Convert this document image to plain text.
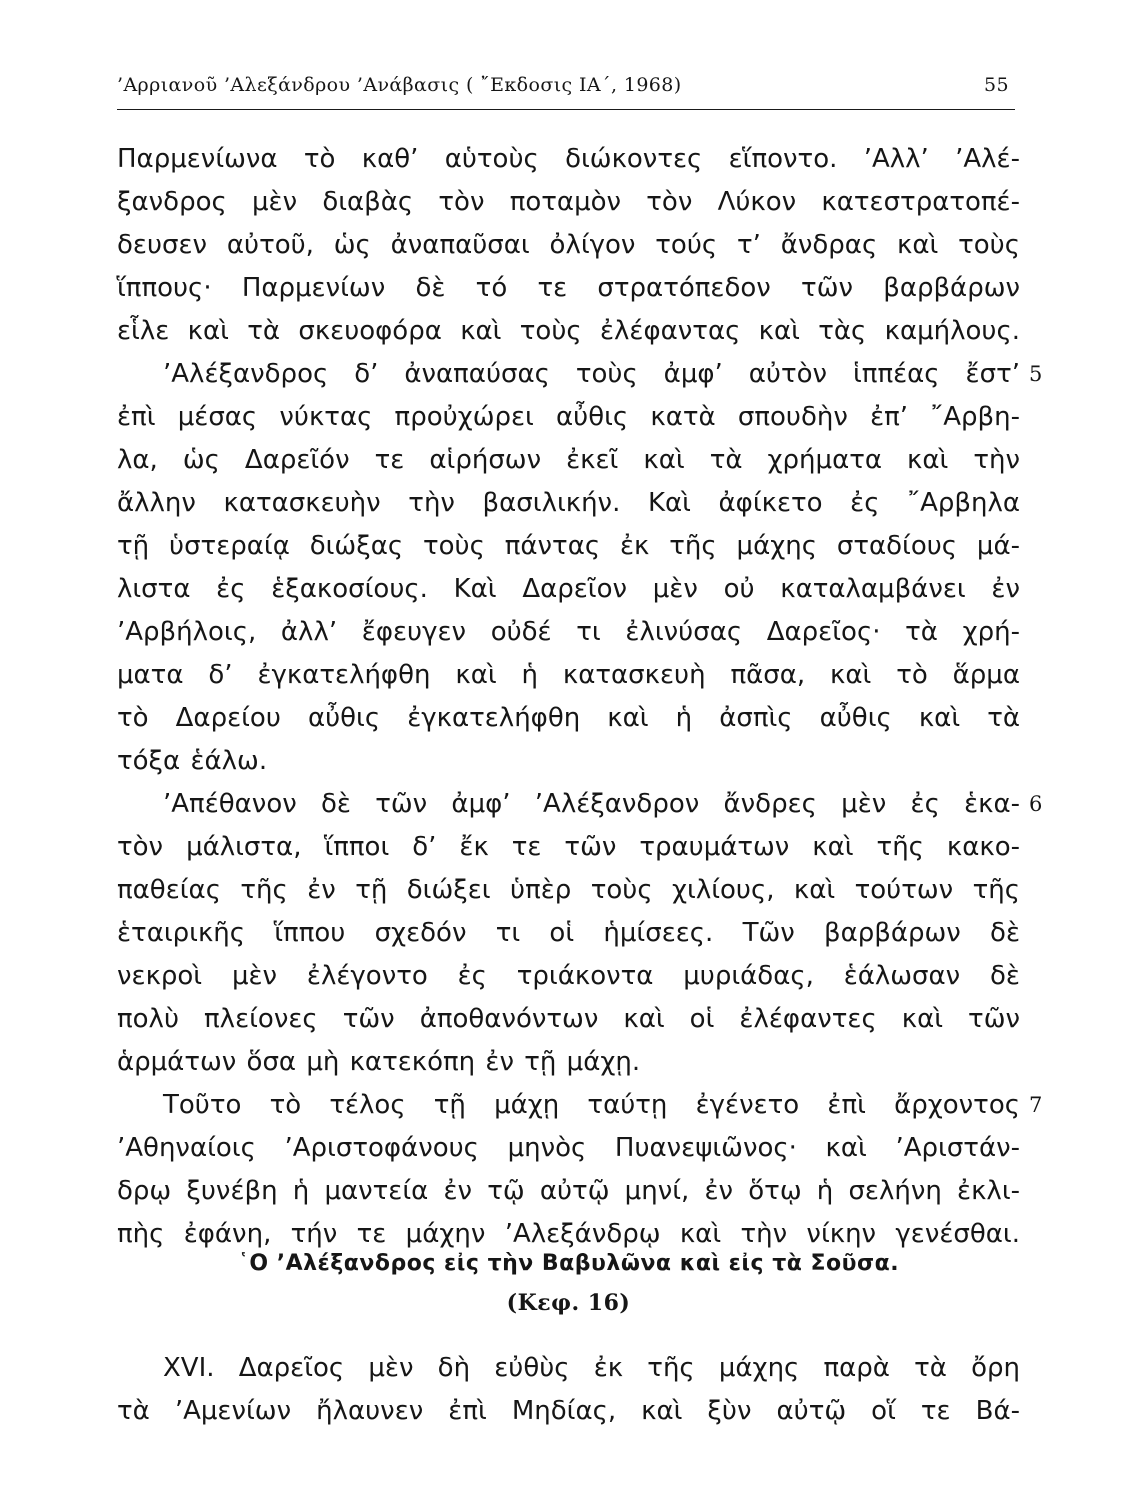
’Αρριανοῦ ’Αλεξάνδρου ’Ανάβασις ( ῎Εκδοσις ΙΑ΄, 1968)	55
Παρμενίωνα τὸ καθ’ αὑτοὺς διώκοντες εἵποντο. ’Αλλ’ ’Αλέ-
ξανδρος μὲν διαβὰς τὸν ποταμὸν τὸν Λύκον κατεστρατοπέ-
δευσεν αὐτοῦ, ὡς ἀναπαῦσαι ὀλίγον τούς τ’ ἄνδρας καὶ τοὺς
ἵππους· Παρμενίων δὲ τό τε στρατόπεδον τῶν βαρβάρων
εἷλε καὶ τὰ σκευοφόρα καὶ τοὺς ἐλέφαντας καὶ τὰς καμήλους.
’Αλέξανδρος δ’ ἀναπαύσας τοὺς ἀμφ’ αὐτὸν ἱππέας ἔστ’ 5
ἐπὶ μέσας νύκτας προὐχώρει αὖθις κατὰ σπουδὴν ἐπ’ ῎Αρβη-
λα, ὡς Δαρεῖόν τε αἱρήσων ἐκεῖ καὶ τὰ χρήματα καὶ τὴν
ἄλλην κατασκευὴν τὴν βασιλικήν. Καὶ ἀφίκετο ἐς ῎Αρβηλα
τῇ ὑστεραίᾳ διώξας τοὺς πάντας ἐκ τῆς μάχης σταδίους μά-
λιστα ἐς ἑξακοσίους. Καὶ Δαρεῖον μὲν οὐ καταλαμβάνει ἐν
’Αρβήλοις, ἀλλ’ ἔφευγεν οὐδέ τι ἐλινύσας Δαρεῖος· τὰ χρή-
ματα δ’ ἐγκατελήφθη καὶ ἡ κατασκευὴ πᾶσα, καὶ τὸ ἅρμα
τὸ Δαρείου αὖθις ἐγκατελήφθη καὶ ἡ ἀσπὶς αὖθις καὶ τὰ
τόξα ἑάλω.
’Απέθανον δὲ τῶν ἀμφ’ ’Αλέξανδρον ἄνδρες μὲν ἐς ἑκα- 6
τὸν μάλιστα, ἵπποι δ’ ἔκ τε τῶν τραυμάτων καὶ τῆς κακο-
παθείας τῆς ἐν τῇ διώξει ὑπὲρ τοὺς χιλίους, καὶ τούτων τῆς
ἑταιρικῆς ἵππου σχεδόν τι οἱ ἡμίσεες. Τῶν βαρβάρων δὲ
νεκροὶ μὲν ἐλέγοντο ἐς τριάκοντα μυριάδας, ἑάλωσαν δὲ
πολὺ πλείονες τῶν ἀποθανόντων καὶ οἱ ἐλέφαντες καὶ τῶν
ἁρμάτων ὅσα μὴ κατεκόπη ἐν τῇ μάχῃ.
Τοῦτο τὸ τέλος τῇ μάχῃ ταύτῃ ἐγένετο ἐπὶ ἄρχοντος 7
’Αθηναίοις ’Αριστοφάνους μηνὸς Πυανεψιῶνος· καὶ ’Αριστάν-
δρῳ ξυνέβη ἡ μαντεία ἐν τῷ αὐτῷ μηνί, ἐν ὅτῳ ἡ σελήνη ἐκλι-
πὴς ἐφάνη, τήν τε μάχην ’Αλεξάνδρῳ καὶ τὴν νίκην γενέσθαι.
῾Ο ’Αλέξανδρος εἰς τὴν Βαβυλῶνα καὶ εἰς τὰ Σοῦσα.
(Κεφ. 16)
XVI. Δαρεῖος μὲν δὴ εὐθὺς ἐκ τῆς μάχης παρὰ τὰ ὄρη
τὰ ’Αμενίων ἤλαυνεν ἐπὶ Μηδίας, καὶ ξὺν αὐτῷ οἵ τε Βά-
